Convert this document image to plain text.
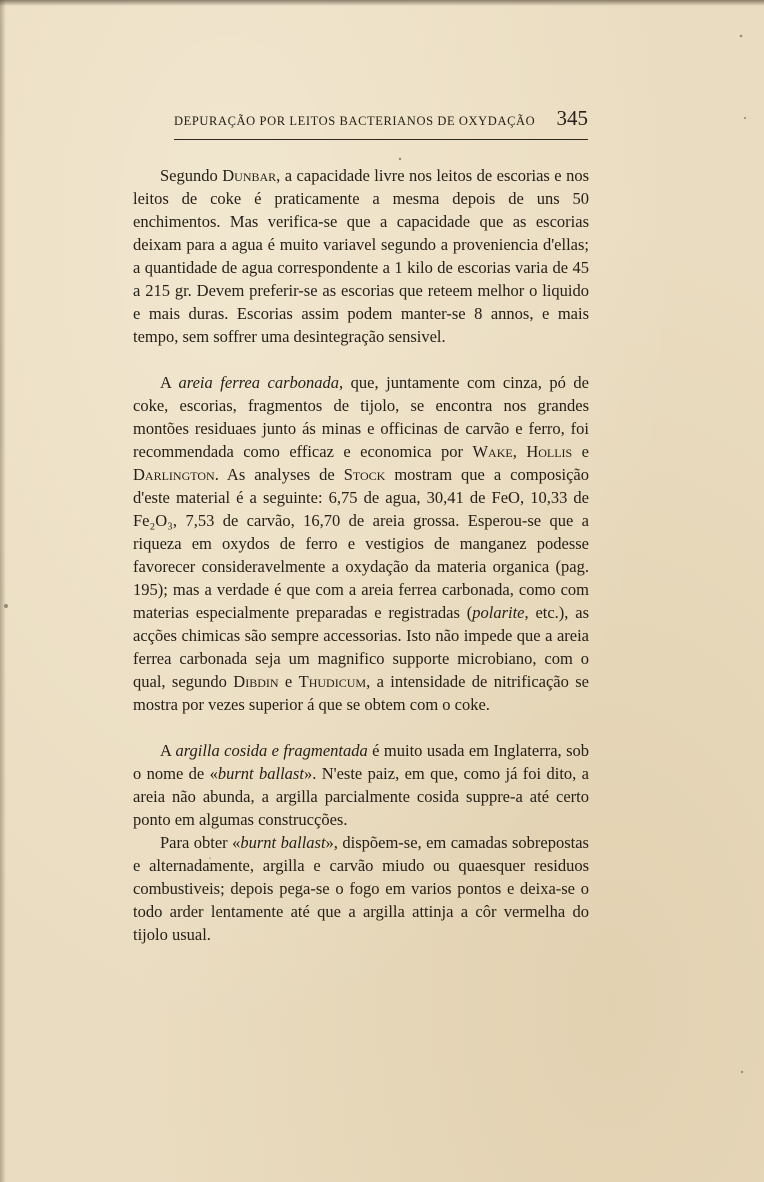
DEPURAÇÃO POR LEITOS BACTERIANOS DE OXYDAÇÃO 345

Segundo Dunbar, a capacidade livre nos leitos de escorias e nos leitos de coke é praticamente a mesma depois de uns 50 enchimentos. Mas verifica-se que a capacidade que as escorias deixam para a agua é muito variavel segundo a proveniencia d'ellas; a quantidade de agua correspondente a 1 kilo de escorias varia de 45 a 215 gr. Devem preferir-se as escorias que reteem melhor o liquido e mais duras. Escorias assim podem manter-se 8 annos, e mais tempo, sem soffrer uma desintegração sensivel.

A areia ferrea carbonada, que, juntamente com cinza, pó de coke, escorias, fragmentos de tijolo, se encontra nos grandes montões residuaes junto ás minas e officinas de carvão e ferro, foi recommendada como efficaz e economica por Wake, Hollis e Darlington. As analyses de Stock mostram que a composição d'este material é a seguinte: 6,75 de agua, 30,41 de FeO, 10,33 de Fe₂O₃, 7,53 de carvão, 16,70 de areia grossa. Esperou-se que a riqueza em oxydos de ferro e vestigios de manganez podesse favorecer consideravelmente a oxydação da materia organica (pag. 195); mas a verdade é que com a areia ferrea carbonada, como com materias especialmente preparadas e registradas (polarite, etc.), as acções chimicas são sempre accessorias. Isto não impede que a areia ferrea carbonada seja um magnifico supporte microbiano, com o qual, segundo Dibdin e Thudicum, a intensidade de nitrificação se mostra por vezes superior á que se obtem com o coke.

A argilla cosida e fragmentada é muito usada em Inglaterra, sob o nome de «burnt ballast». N'este paiz, em que, como já foi dito, a areia não abunda, a argilla parcialmente cosida suppre-a até certo ponto em algumas construcções.

Para obter «burnt ballast», dispõem-se, em camadas sobrepostas e alternadamente, argilla e carvão miudo ou quaesquer residuos combustiveis; depois pega-se o fogo em varios pontos e deixa-se o todo arder lentamente até que a argilla attinja a côr vermelha do tijolo usual.
